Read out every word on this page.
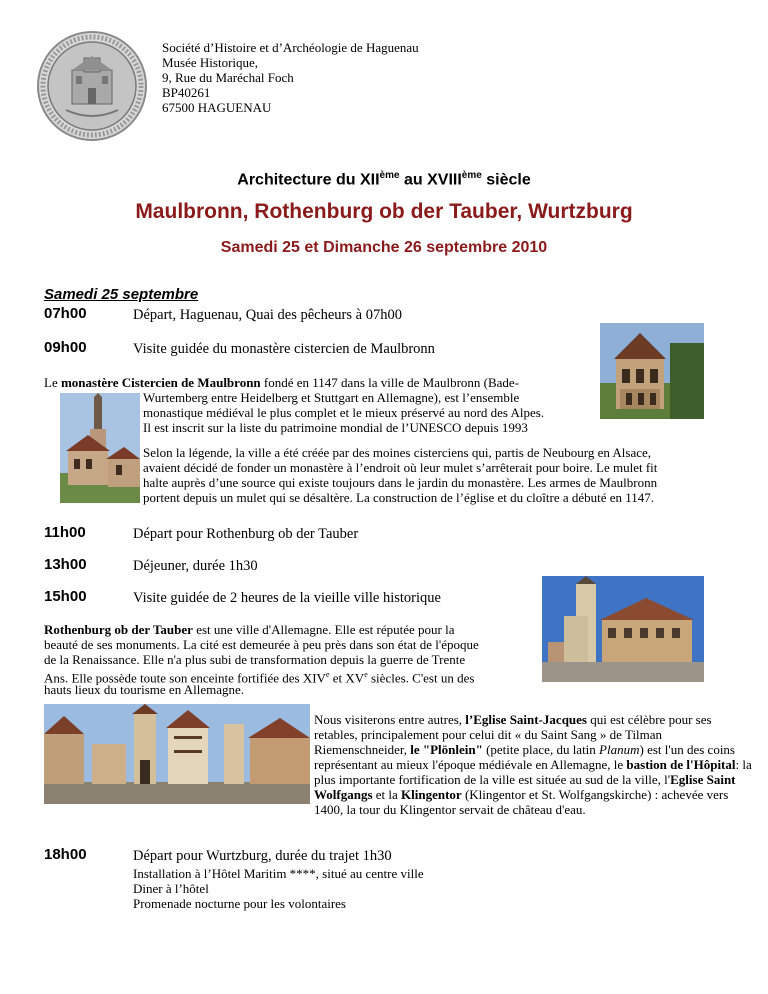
Société d’Histoire et d’Archéologie de Haguenau
Musée Historique,
9, Rue du Maréchal Foch
BP40261
67500 HAGUENAU
Architecture du XIIème au XVIIIème siècle
Maulbronn, Rothenburg ob der Tauber, Wurtzburg
Samedi 25 et Dimanche 26 septembre 2010
Samedi 25 septembre
07h00	Départ, Haguenau, Quai des pêcheurs à 07h00
09h00	Visite guidée du monastère cistercien de Maulbronn
Le monastère Cistercien de Maulbronn fondé en 1147 dans la ville de Maulbronn (Bade-
Wurtemberg entre Heidelberg et Stuttgart en Allemagne), est l’ensemble
monastique médiéval le plus complet et le mieux préservé au nord des Alpes.
Il est inscrit sur la liste du patrimoine mondial de l’UNESCO depuis 1993
Selon la légende, la ville a été créée par des moines cisterciens qui, partis de Neubourg en Alsace,
avaient décidé de fonder un monastère à l’endroit où leur mulet s’arrêterait pour boire. Le mulet fit
halte auprès d’une source qui existe toujours dans le jardin du monastère. Les armes de Maulbronn
portent depuis un mulet qui se désaltère. La construction de l’église et du cloître a débuté en 1147.
11h00	Départ pour Rothenburg ob der Tauber
13h00	Déjeuner, durée 1h30
15h00	Visite guidée de 2 heures de la vieille ville historique
Rothenburg ob der Tauber est une ville d'Allemagne. Elle est réputée pour la
beauté de ses monuments. La cité est demeurée à peu près dans son état de l'époque
de la Renaissance. Elle n'a plus subi de transformation depuis la guerre de Trente
Ans. Elle possède toute son enceinte fortifiée des XIVe et XVe siècles. C'est un des
hauts lieux du tourisme en Allemagne.
Nous visiterons entre autres, l’Eglise Saint-Jacques qui est célèbre pour ses
retables, principalement pour celui dit « du Saint Sang » de Tilman
Riemenschneider, le "Plönlein" (petite place, du latin Planum) est l'un des coins
représentant au mieux l'époque médiévale en Allemagne, le bastion de l'Hôpital: la
plus importante fortification de la ville est située au sud de la ville, l'Eglise Saint
Wolfgangs et la Klingentor (Klingentor et St. Wolfgangskirche) : achevée vers
1400, la tour du Klingentor servait de château d'eau.
18h00	Départ pour Wurtzburg, durée du trajet 1h30
Installation à l’Hôtel Maritim ****, situé au centre ville
Diner à l’hôtel
Promenade nocturne pour les volontaires
